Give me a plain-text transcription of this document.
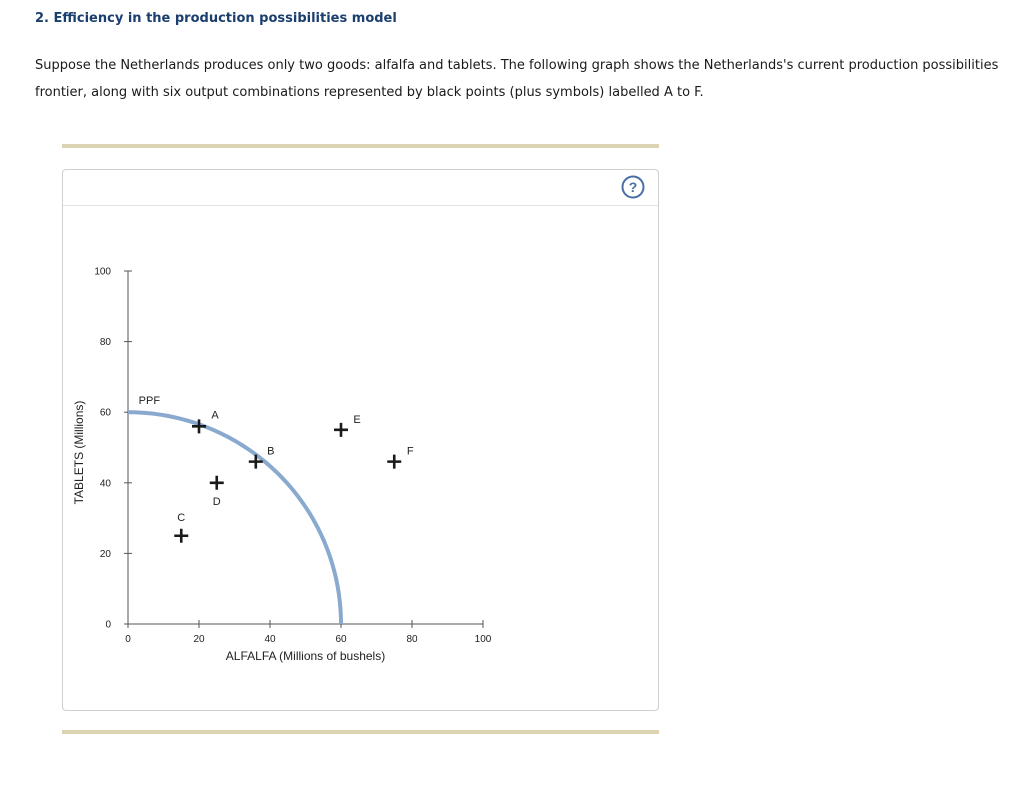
2. Efficiency in the production possibilities model
Suppose the Netherlands produces only two goods: alfalfa and tablets. The following graph shows the Netherlands's current production possibilities
frontier, along with six output combinations represented by black points (plus symbols) labelled A to F.
?
0
20
40
60
80
100
0	20	40	60	80	100
ALFALFA (Millions of bushels)
TABLETS (Millions)	PPF
A
B
C
D
E
F
